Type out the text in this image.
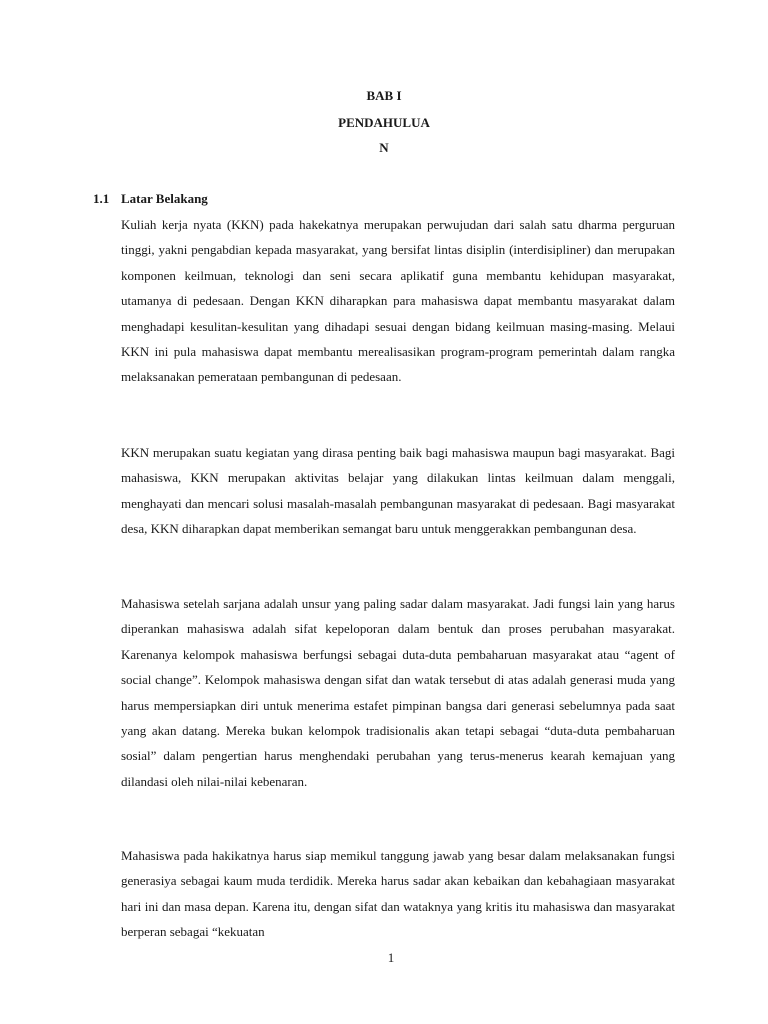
BAB I
PENDAHULUA
N
1.1 Latar Belakang

Kuliah kerja nyata (KKN) pada hakekatnya merupakan perwujudan dari salah satu dharma perguruan tinggi, yakni pengabdian kepada masyarakat, yang bersifat lintas disiplin (interdisipliner) dan merupakan komponen keilmuan, teknologi dan seni secara aplikatif guna membantu kehidupan masyarakat, utamanya di pedesaan. Dengan KKN diharapkan para mahasiswa dapat membantu masyarakat dalam menghadapi kesulitan-kesulitan yang dihadapi sesuai dengan bidang keilmuan masing-masing. Melaui KKN ini pula mahasiswa dapat membantu merealisasikan program-program pemerintah dalam rangka melaksanakan pemerataan pembangunan di pedesaan.

KKN merupakan suatu kegiatan yang dirasa penting baik bagi mahasiswa maupun bagi masyarakat. Bagi mahasiswa, KKN merupakan aktivitas belajar yang dilakukan lintas keilmuan dalam menggali, menghayati dan mencari solusi masalah-masalah pembangunan masyarakat di pedesaan. Bagi masyarakat desa, KKN diharapkan dapat memberikan semangat baru untuk menggerakkan pembangunan desa.

Mahasiswa setelah sarjana adalah unsur yang paling sadar dalam masyarakat. Jadi fungsi lain yang harus diperankan mahasiswa adalah sifat kepeloporan dalam bentuk dan proses perubahan masyarakat. Karenanya kelompok mahasiswa berfungsi sebagai duta-duta pembaharuan masyarakat atau “agent of social change”. Kelompok mahasiswa dengan sifat dan watak tersebut di atas adalah generasi muda yang harus mempersiapkan diri untuk menerima estafet pimpinan bangsa dari generasi sebelumnya pada saat yang akan datang. Mereka bukan kelompok tradisionalis akan tetapi sebagai “duta-duta pembaharuan sosial” dalam pengertian harus menghendaki perubahan yang terus-menerus kearah kemajuan yang dilandasi oleh nilai-nilai kebenaran.

Mahasiswa pada hakikatnya harus siap memikul tanggung jawab yang besar dalam melaksanakan fungsi generasiya sebagai kaum muda terdidik. Mereka harus sadar akan kebaikan dan kebahagiaan masyarakat hari ini dan masa depan. Karena itu, dengan sifat dan wataknya yang kritis itu mahasiswa dan masyarakat berperan sebagai “kekuatan

1
